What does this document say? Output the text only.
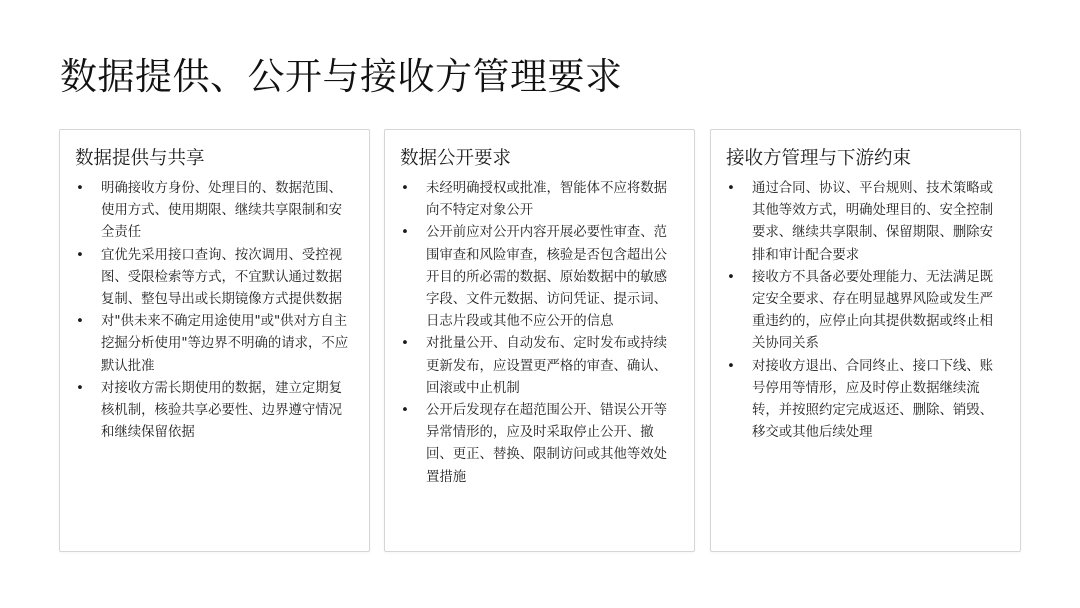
数据提供、公开与接收方管理要求
数据提供与共享
• 明确接收方身份、处理目的、数据范围、使用方式、使用期限、继续共享限制和安全责任
• 宜优先采用接口查询、按次调用、受控视图、受限检索等方式，不宜默认通过数据复制、整包导出或长期镜像方式提供数据
• 对"供未来不确定用途使用"或"供对方自主挖掘分析使用"等边界不明确的请求，不应默认批准
• 对接收方需长期使用的数据，建立定期复核机制，核验共享必要性、边界遵守情况和继续保留依据
数据公开要求
• 未经明确授权或批准，智能体不应将数据向不特定对象公开
• 公开前应对公开内容开展必要性审查、范围审查和风险审查，核验是否包含超出公开目的所必需的数据、原始数据中的敏感字段、文件元数据、访问凭证、提示词、日志片段或其他不应公开的信息
• 对批量公开、自动发布、定时发布或持续更新发布，应设置更严格的审查、确认、回滚或中止机制
• 公开后发现存在超范围公开、错误公开等异常情形的，应及时采取停止公开、撤回、更正、替换、限制访问或其他等效处置措施
接收方管理与下游约束
• 通过合同、协议、平台规则、技术策略或其他等效方式，明确处理目的、安全控制要求、继续共享限制、保留期限、删除安排和审计配合要求
• 接收方不具备必要处理能力、无法满足既定安全要求、存在明显越界风险或发生严重违约的，应停止向其提供数据或终止相关协同关系
• 对接收方退出、合同终止、接口下线、账号停用等情形，应及时停止数据继续流转，并按照约定完成返还、删除、销毁、移交或其他后续处理
